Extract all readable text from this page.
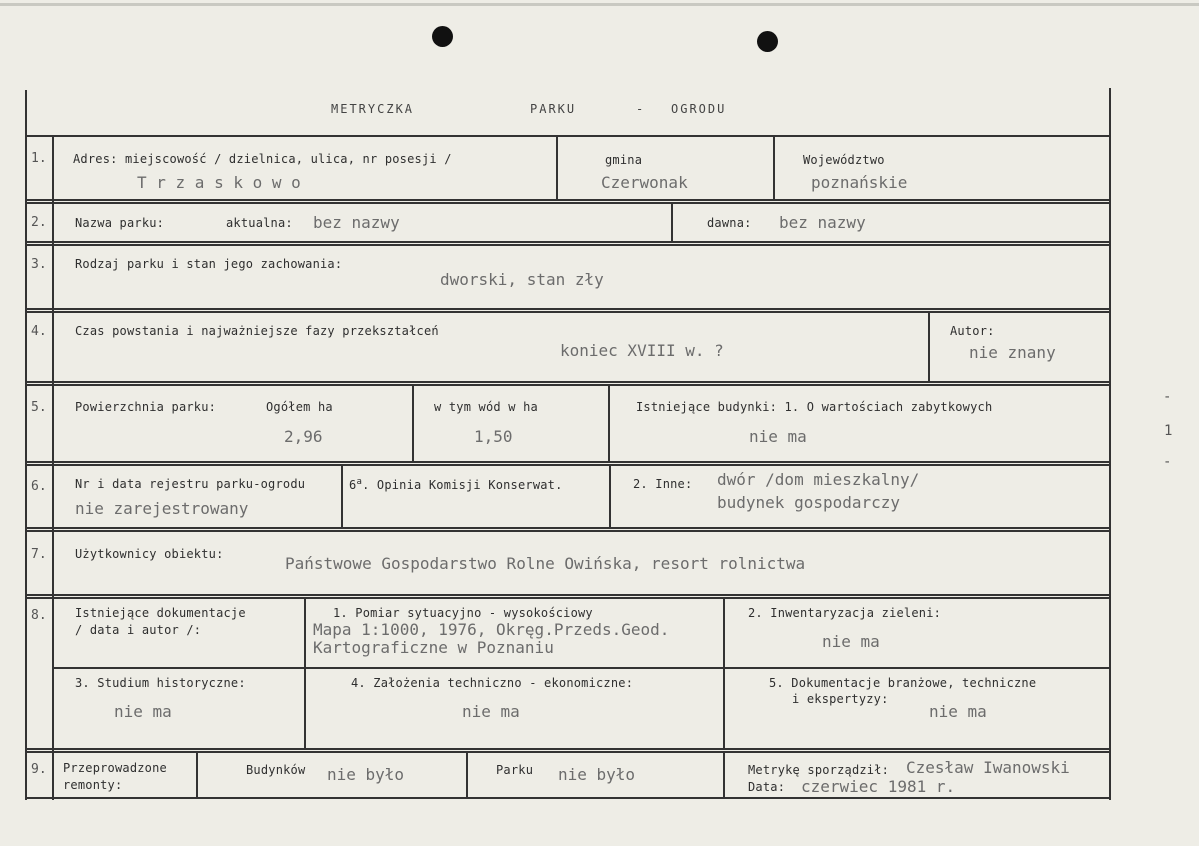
METRYCZKA	PARKU	- OGRODU
1. Adres: miejscowość / dzielnica, ulica, nr posesji /
T r z a s k o w o
gmina
Czerwonak
Województwo
poznańskie
2. Nazwa parku:	aktualna: bez nazwy	dawna: bez nazwy
3. Rodzaj parku i stan jego zachowania:
dworski, stan zły
4. Czas powstania i najważniejsze fazy przekształceń
koniec XVIII w. ?
Autor:
nie znany
5. Powierzchnia parku:	Ogółem ha
2,96
w tym wód w ha
1,50
Istniejące budynki: 1. O wartościach zabytkowych
nie ma
6. Nr i data rejestru parku-ogrodu
nie zarejestrowany
6$^a$. Opinia Komisji Konserwat.	2. Inne: dwór /dom mieszkalny/
budynek gospodarczy
7. Użytkownicy obiektu:	Państwowe Gospodarstwo Rolne Owińska, resort rolnictwa
8. Istniejące dokumentacje
/ data i autor /:
1. Pomiar sytuacyjno - wysokościowy
Mapa 1:1000, 1976, Okręg.Przeds.Geod.
Kartograficzne w Poznaniu
2. Inwentaryzacja zieleni:
nie ma
3. Studium historyczne:
nie ma
4. Założenia techniczno - ekonomiczne:
nie ma
5. Dokumentacje branżowe, techniczne
i ekspertyzy:
nie ma
9. Przeprowadzone
remonty:
Budynków nie było	Parku nie było	Metrykę sporządził: Czesław Iwanowski
Data: czerwiec 1981 r.
-
1
-
